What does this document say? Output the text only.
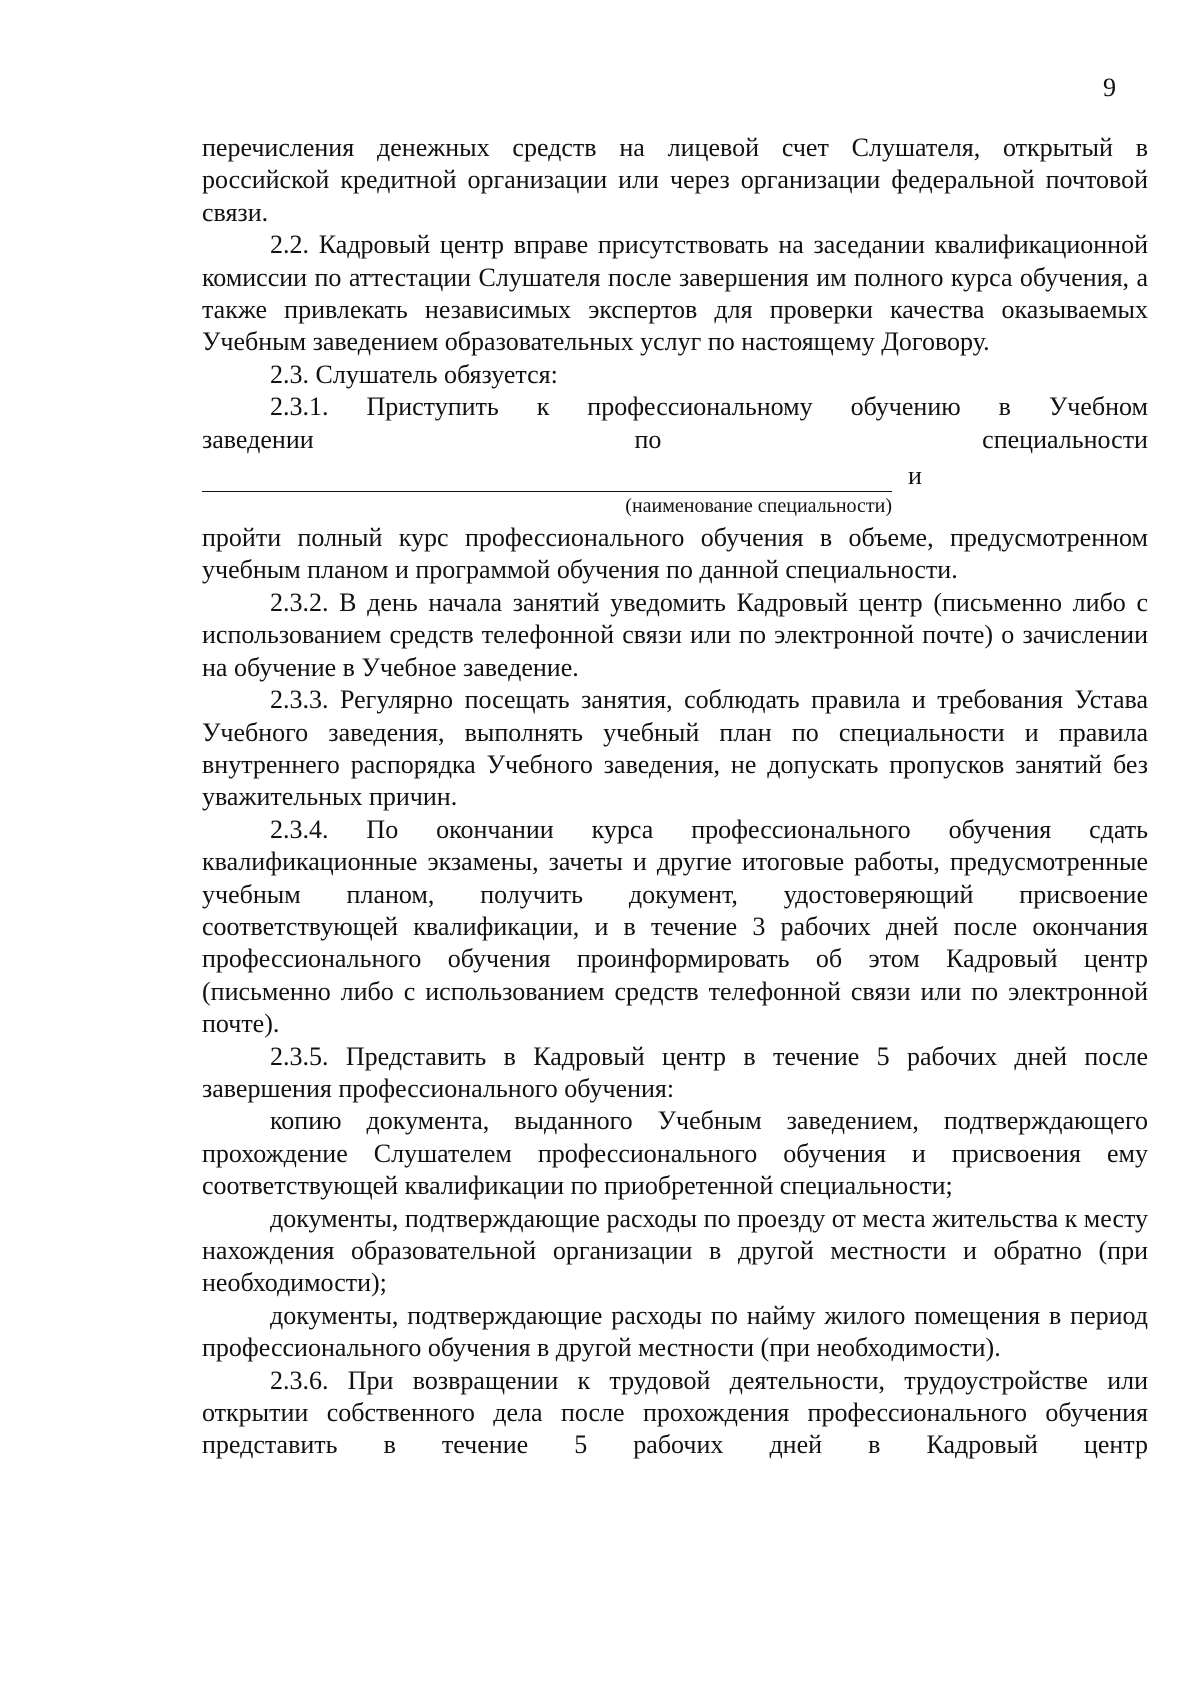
9

перечисления денежных средств на лицевой счет Слушателя, открытый в российской кредитной организации или через организации федеральной почтовой связи.

2.2. Кадровый центр вправе присутствовать на заседании квалификационной комиссии по аттестации Слушателя после завершения им полного курса обучения, а также привлекать независимых экспертов для проверки качества оказываемых Учебным заведением образовательных услуг по настоящему Договору.

2.3. Слушатель обязуется:

2.3.1. Приступить к профессиональному обучению в Учебном

заведении	по	специальности
и
(наименование специальности)

пройти полный курс профессионального обучения в объеме, предусмотренном учебным планом и программой обучения по данной специальности.

2.3.2. В день начала занятий уведомить Кадровый центр (письменно либо с использованием средств телефонной связи или по электронной почте) о зачислении на обучение в Учебное заведение.

2.3.3. Регулярно посещать занятия, соблюдать правила и требования Устава Учебного заведения, выполнять учебный план по специальности и правила внутреннего распорядка Учебного заведения, не допускать пропусков занятий без уважительных причин.

2.3.4. По окончании курса профессионального обучения сдать квалификационные экзамены, зачеты и другие итоговые работы, предусмотренные учебным планом, получить документ, удостоверяющий присвоение соответствующей квалификации, и в течение 3 рабочих дней после окончания профессионального обучения проинформировать об этом Кадровый центр (письменно либо с использованием средств телефонной связи или по электронной почте).

2.3.5. Представить в Кадровый центр в течение 5 рабочих дней после завершения профессионального обучения:

копию документа, выданного Учебным заведением, подтверждающего прохождение Слушателем профессионального обучения и присвоения ему соответствующей квалификации по приобретенной специальности;

документы, подтверждающие расходы по проезду от места жительства к месту нахождения образовательной организации в другой местности и обратно (при необходимости);

документы, подтверждающие расходы по найму жилого помещения в период профессионального обучения в другой местности (при необходимости).

2.3.6. При возвращении к трудовой деятельности, трудоустройстве или открытии собственного дела после прохождения профессионального обучения представить в течение 5 рабочих дней в Кадровый центр
